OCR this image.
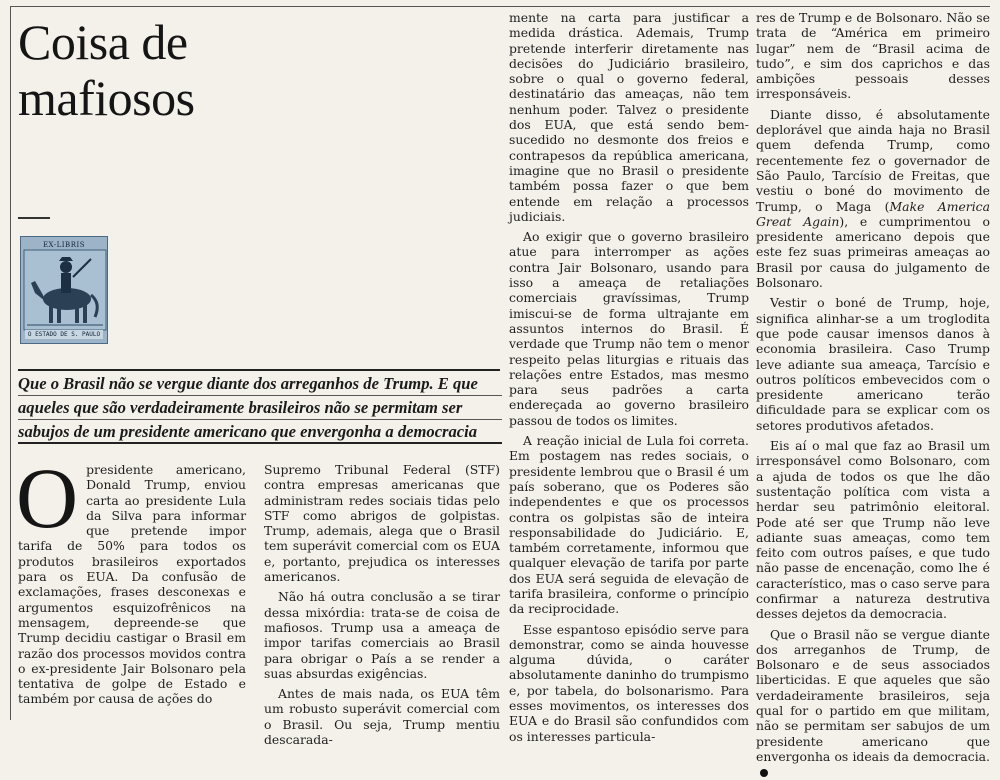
Coisa de mafiosos
EX-LIBRIS
O ESTADO DE S. PAULO
Que o Brasil não se vergue diante dos arreganhos de Trump. E que
aqueles que são verdadeiramente brasileiros não se permitam ser
sabujos de um presidente americano que envergonha a democracia

Opresidente americano, Donald Trump, enviou carta ao presidente Lula da Silva para informar que pretende impor tarifa de 50% para todos os produtos brasileiros exportados para os EUA. Da confusão de exclamações, frases desconexas e argumentos esquizofrênicos na mensagem, depreende-se que Trump decidiu castigar o Brasil em razão dos processos movidos contra o ex-presidente Jair Bolsonaro pela tentativa de golpe de Estado e também por causa de ações do

Supremo Tribunal Federal (STF) contra empresas americanas que administram redes sociais tidas pelo STF como abrigos de golpistas. Trump, ademais, alega que o Brasil tem superávit comercial com os EUA e, portanto, prejudica os interesses americanos.

Não há outra conclusão a se tirar dessa mixórdia: trata-se de coisa de mafiosos. Trump usa a ameaça de impor tarifas comerciais ao Brasil para obrigar o País a se render a suas absurdas exigências.

Antes de mais nada, os EUA têm um robusto superávit comercial com o Brasil. Ou seja, Trump mentiu descarada-

mente na carta para justificar a medida drástica. Ademais, Trump pretende interferir diretamente nas decisões do Judiciário brasileiro, sobre o qual o governo federal, destinatário das ameaças, não tem nenhum poder. Talvez o presidente dos EUA, que está sendo bem-sucedido no desmonte dos freios e contrapesos da república americana, imagine que no Brasil o presidente também possa fazer o que bem entende em relação a processos judiciais.

Ao exigir que o governo brasileiro atue para interromper as ações contra Jair Bolsonaro, usando para isso a ameaça de retaliações comerciais gravíssimas, Trump imiscui-se de forma ultrajante em assuntos internos do Brasil. É verdade que Trump não tem o menor respeito pelas liturgias e rituais das relações entre Estados, mas mesmo para seus padrões a carta endereçada ao governo brasileiro passou de todos os limites.

A reação inicial de Lula foi correta. Em postagem nas redes sociais, o presidente lembrou que o Brasil é um país soberano, que os Poderes são independentes e que os processos contra os golpistas são de inteira responsabilidade do Judiciário. E, também corretamente, informou que qualquer elevação de tarifa por parte dos EUA será seguida de elevação de tarifa brasileira, conforme o princípio da reciprocidade.

Esse espantoso episódio serve para demonstrar, como se ainda houvesse alguma dúvida, o caráter absolutamente daninho do trumpismo e, por tabela, do bolsonarismo. Para esses movimentos, os interesses dos EUA e do Brasil são confundidos com os interesses particula-

res de Trump e de Bolsonaro. Não se trata de “América em primeiro lugar” nem de “Brasil acima de tudo”, e sim dos caprichos e das ambições pessoais desses irresponsáveis.

Diante disso, é absolutamente deplorável que ainda haja no Brasil quem defenda Trump, como recentemente fez o governador de São Paulo, Tarcísio de Freitas, que vestiu o boné do movimento de Trump, o Maga (Make America Great Again), e cumprimentou o presidente americano depois que este fez suas primeiras ameaças ao Brasil por causa do julgamento de Bolsonaro.

Vestir o boné de Trump, hoje, significa alinhar-se a um troglodita que pode causar imensos danos à economia brasileira. Caso Trump leve adiante sua ameaça, Tarcísio e outros políticos embevecidos com o presidente americano terão dificuldade para se explicar com os setores produtivos afetados.

Eis aí o mal que faz ao Brasil um irresponsável como Bolsonaro, com a ajuda de todos os que lhe dão sustentação política com vista a herdar seu patrimônio eleitoral. Pode até ser que Trump não leve adiante suas ameaças, como tem feito com outros países, e que tudo não passe de encenação, como lhe é característico, mas o caso serve para confirmar a natureza destrutiva desses dejetos da democracia.

Que o Brasil não se vergue diante dos arreganhos de Trump, de Bolsonaro e de seus associados liberticidas. E que aqueles que são verdadeiramente brasileiros, seja qual for o partido em que militam, não se permitam ser sabujos de um presidente americano que envergonha os ideais da democracia.
